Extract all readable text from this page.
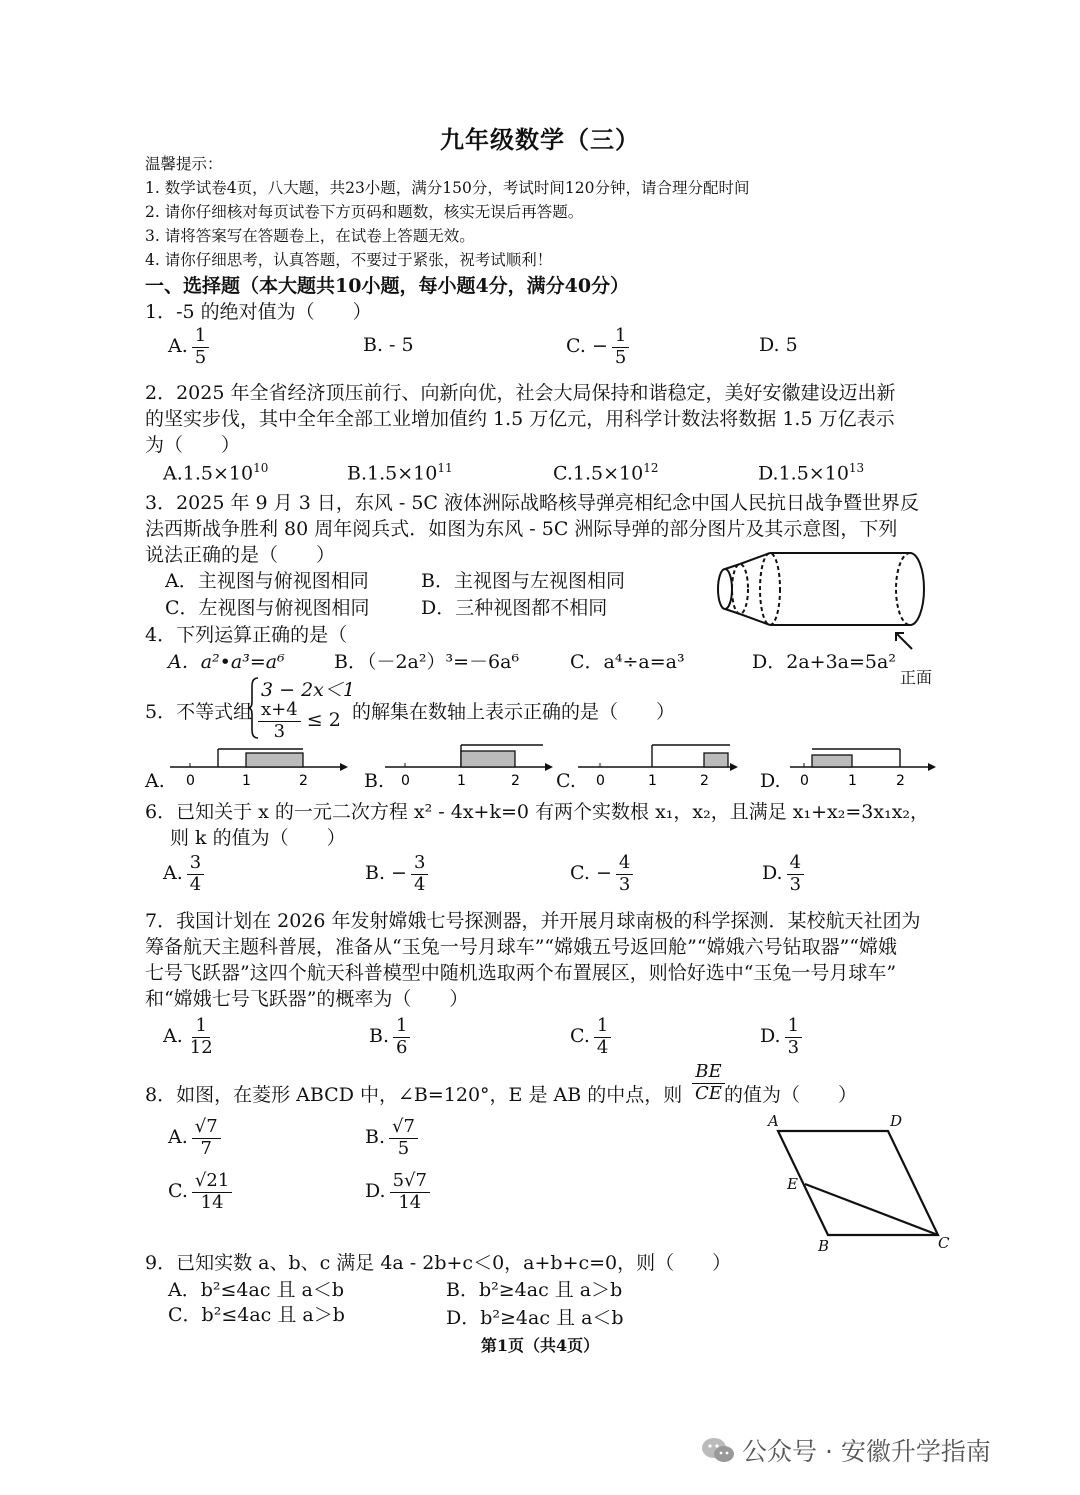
九年级数学（三）
温馨提示：
1. 数学试卷4页，八大题，共23小题，满分150分，考试时间120分钟，请合理分配时间
2. 请你仔细核对每页试卷下方页码和题数，核实无误后再答题。
3. 请将答案写在答题卷上，在试卷上答题无效。
4. 请你仔细思考，认真答题，不要过于紧张，祝考试顺利！
一、选择题（本大题共10小题，每小题4分，满分40分）
1．-5 的绝对值为（　　）
A. $\frac{1}{5}$	B. - 5	C. − $\frac{1}{5}$	D. 5
2．2025 年全省经济顶压前行、向新向优，社会大局保持和谐稳定，美好安徽建设迈出新
的坚实步伐，其中全年全部工业增加值约 1.5 万亿元，用科学计数法将数据 1.5 万亿表示
为（　　）
$A.1.5\times 10^{10}$	$B.1.5\times 10^{11}$	$C.1.5\times 10^{12}$	$D.1.5\times 10^{13}$
3．2025 年 9 月 3 日，东风 - 5C 液体洲际战略核导弹亮相纪念中国人民抗日战争暨世界反
法西斯战争胜利 80 周年阅兵式．如图为东风 - 5C 洲际导弹的部分图片及其示意图，下列
说法正确的是（　　）
A．主视图与俯视图相同	B．主视图与左视图相同
C．左视图与俯视图相同	D．三种视图都不相同
正面
4．下列运算正确的是（
A．a²•a³=a⁶	B．（－2a²）³=－6a⁶	C．a⁴÷a=a³	D．2a+3a=5a²
5．不等式组
3 − 2x＜1
$\frac{x+4}{3} \le 2$ 的解集在数轴上表示正确的是（　　）
A.	B.	C.	D.
0	1	2	0	1	2	0	1	2	0	1	2
6．已知关于 x 的一元二次方程 x² - 4x+k=0 有两个实数根 x₁，x₂，且满足 x₁+x₂=3x₁x₂，
则 k 的值为（　　）
A. $\frac{3}{4}$	B. − $\frac{3}{4}$	C. − $\frac{4}{3}$	D. $\frac{4}{3}$
7．我国计划在 2026 年发射嫦娥七号探测器，并开展月球南极的科学探测．某校航天社团为
筹备航天主题科普展，准备从“玉兔一号月球车”“嫦娥五号返回舱”“嫦娥六号钻取器”“嫦娥
七号飞跃器”这四个航天科普模型中随机选取两个布置展区，则恰好选中“玉兔一号月球车”
和“嫦娥七号飞跃器”的概率为（　　）
A. $\frac{1}{12}$	B. $\frac{1}{6}$	C. $\frac{1}{4}$	D. $\frac{1}{3}$
8．如图，在菱形 ABCD 中，∠B=120°，E 是 AB 的中点，则 $\frac{BE}{CE}$ 的值为（　　）
A. $\frac{√7}{7}$	B. $\frac{√7}{5}$
C. $\frac{√21}{14}$	D. $\frac{5√7}{14}$
A	D
E
B	C
9．已知实数 a、b、c 满足 4a - 2b+c＜0，a+b+c=0，则（　　）
A．b²≤4ac 且 a＜b	B．b²≥4ac 且 a＞b
C．b²≤4ac 且 a＞b	D．b²≥4ac 且 a＜b
第1页（共4页）
公众号 · 安徽升学指南
